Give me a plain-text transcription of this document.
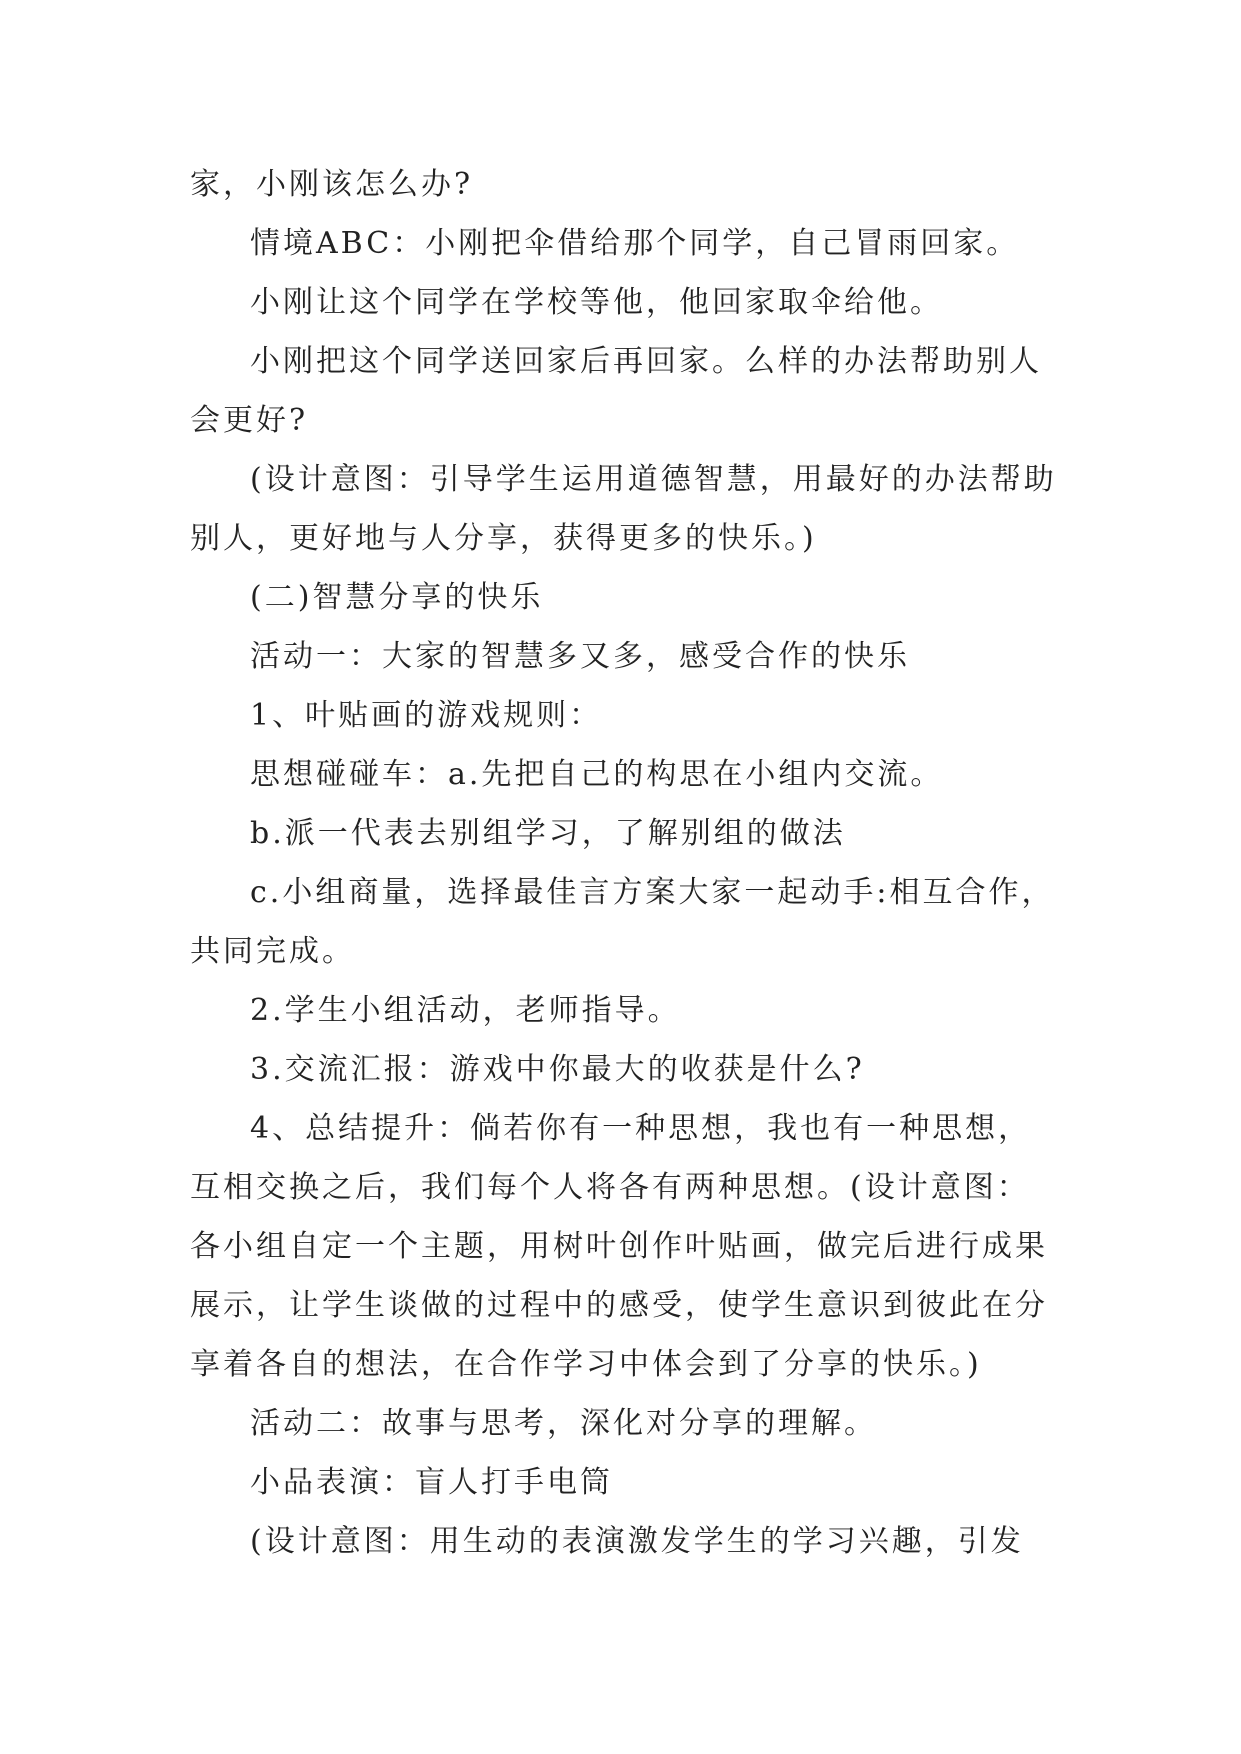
家，小刚该怎么办?

情境ABC：小刚把伞借给那个同学，自己冒雨回家。

小刚让这个同学在学校等他，他回家取伞给他。

小刚把这个同学送回家后再回家。么样的办法帮助别人会更好?

(设计意图：引导学生运用道德智慧，用最好的办法帮助别人，更好地与人分享，获得更多的快乐。)

(二)智慧分享的快乐

活动一：大家的智慧多又多，感受合作的快乐

1、叶贴画的游戏规则：

思想碰碰车：a.先把自己的构思在小组内交流。

b.派一代表去别组学习，了解别组的做法

c.小组商量，选择最佳言方案大家一起动手:相互合作，共同完成。

2.学生小组活动，老师指导。

3.交流汇报：游戏中你最大的收获是什么?

4、总结提升：倘若你有一种思想，我也有一种思想，互相交换之后，我们每个人将各有两种思想。(设计意图：各小组自定一个主题，用树叶创作叶贴画，做完后进行成果展示，让学生谈做的过程中的感受，使学生意识到彼此在分享着各自的想法，在合作学习中体会到了分享的快乐。)

活动二：故事与思考，深化对分享的理解。

小品表演：盲人打手电筒

(设计意图：用生动的表演激发学生的学习兴趣，引发
